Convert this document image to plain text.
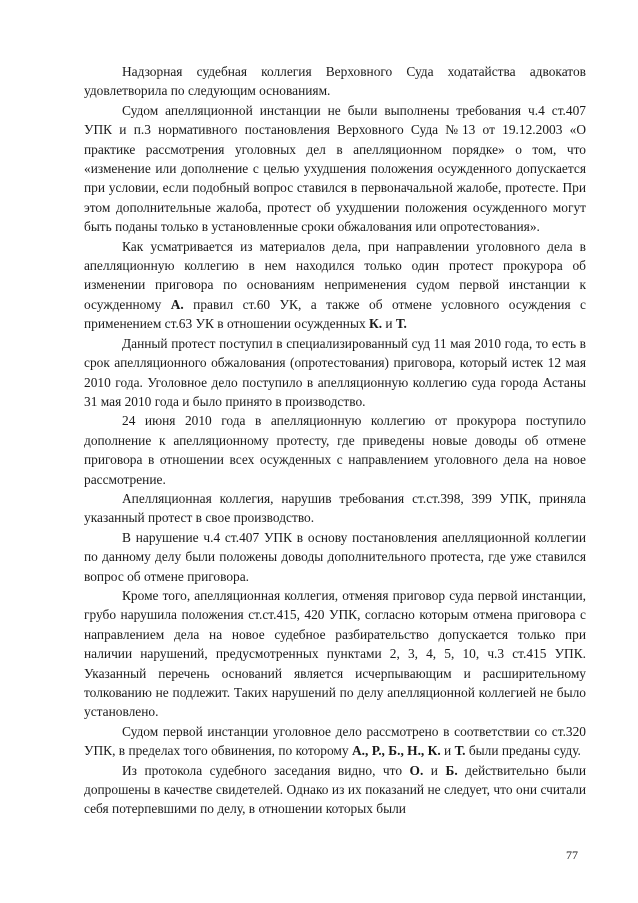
Надзорная судебная коллегия Верховного Суда ходатайства адвокатов удовлетворила по следующим основаниям.

Судом апелляционной инстанции не были выполнены требования ч.4 ст.407 УПК и п.3 нормативного постановления Верховного Суда №13 от 19.12.2003 «О практике рассмотрения уголовных дел в апелляционном порядке» о том, что «изменение или дополнение с целью ухудшения положения осужденного допускается при условии, если подобный вопрос ставился в первоначальной жалобе, протесте. При этом дополнительные жалоба, протест об ухудшении положения осужденного могут быть поданы только в установленные сроки обжалования или опротестования».

Как усматривается из материалов дела, при направлении уголовного дела в апелляционную коллегию в нем находился только один протест прокурора об изменении приговора по основаниям неприменения судом первой инстанции к осужденному А. правил ст.60 УК, а также об отмене условного осуждения с применением ст.63 УК в отношении осужденных К. и Т.

Данный протест поступил в специализированный суд 11 мая 2010 года, то есть в срок апелляционного обжалования (опротестования) приговора, который истек 12 мая 2010 года. Уголовное дело поступило в апелляционную коллегию суда города Астаны 31 мая 2010 года и было принято в производство.

24 июня 2010 года в апелляционную коллегию от прокурора поступило дополнение к апелляционному протесту, где приведены новые доводы об отмене приговора в отношении всех осужденных с направлением уголовного дела на новое рассмотрение.

Апелляционная коллегия, нарушив требования ст.ст.398, 399 УПК, приняла указанный протест в свое производство.

В нарушение ч.4 ст.407 УПК в основу постановления апелляционной коллегии по данному делу были положены доводы дополнительного протеста, где уже ставился вопрос об отмене приговора.

Кроме того, апелляционная коллегия, отменяя приговор суда первой инстанции, грубо нарушила положения ст.ст.415, 420 УПК, согласно которым отмена приговора с направлением дела на новое судебное разбирательство допускается только при наличии нарушений, предусмотренных пунктами 2, 3, 4, 5, 10, ч.3 ст.415 УПК. Указанный перечень оснований является исчерпывающим и расширительному толкованию не подлежит. Таких нарушений по делу апелляционной коллегией не было установлено.

Судом первой инстанции уголовное дело рассмотрено в соответствии со ст.320 УПК, в пределах того обвинения, по которому А., Р., Б., Н., К. и Т. были преданы суду.

Из протокола судебного заседания видно, что О. и Б. действительно были допрошены в качестве свидетелей. Однако из их показаний не следует, что они считали себя потерпевшими по делу, в отношении которых были

77
